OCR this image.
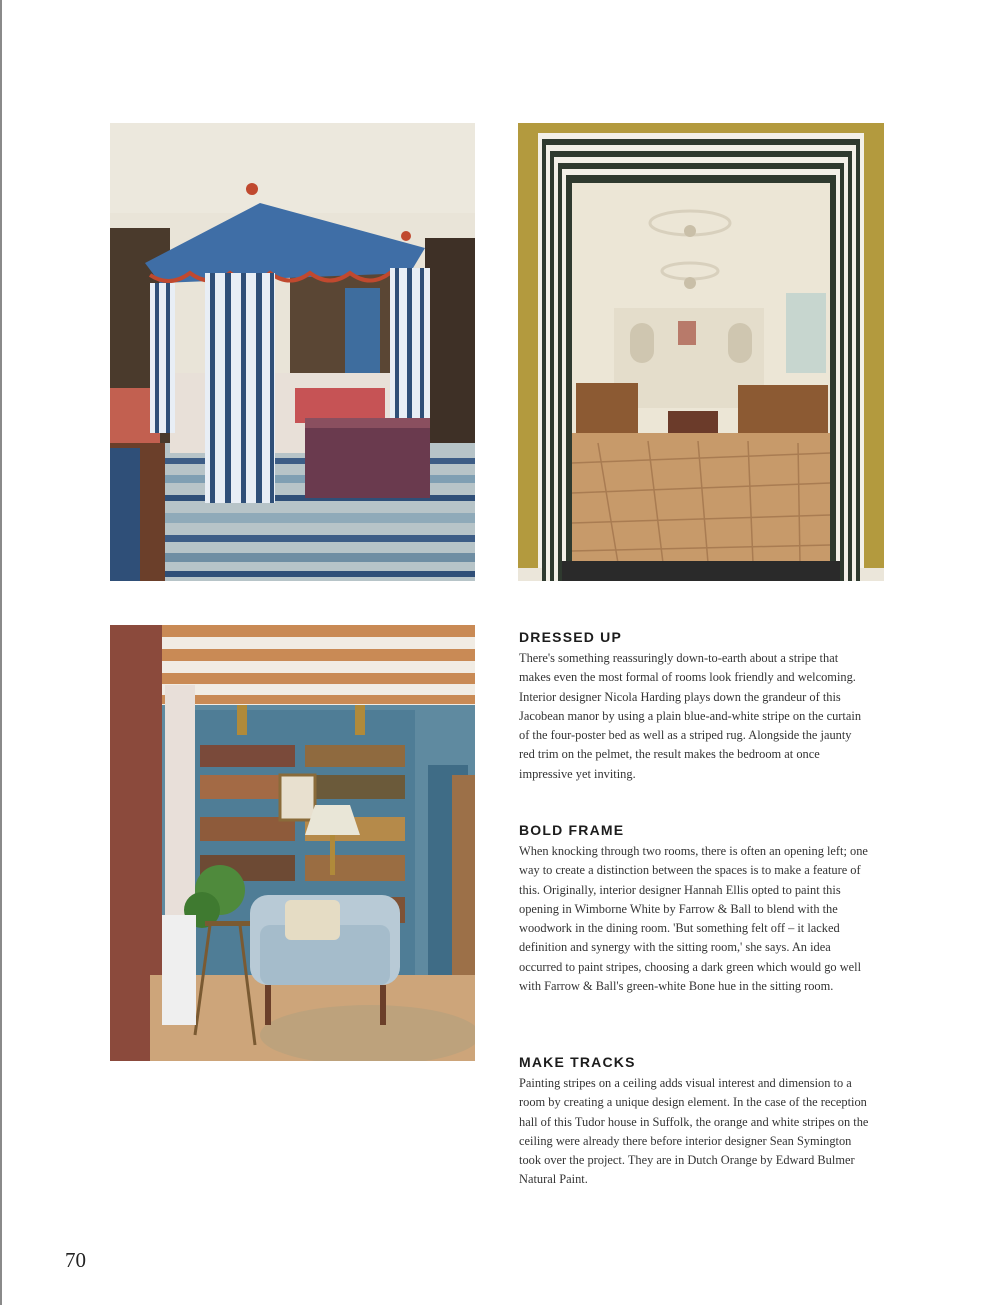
DRESSED UP

There's something reassuringly down-to-earth about a stripe that makes even the most formal of rooms look friendly and welcoming. Interior designer Nicola Harding plays down the grandeur of this Jacobean manor by using a plain blue-and-white stripe on the curtain of the four-poster bed as well as a striped rug. Alongside the jaunty red trim on the pelmet, the result makes the bedroom at once impressive yet inviting.

BOLD FRAME

When knocking through two rooms, there is often an opening left; one way to create a distinction between the spaces is to make a feature of this. Originally, interior designer Hannah Ellis opted to paint this opening in Wimborne White by Farrow & Ball to blend with the woodwork in the dining room. 'But something felt off – it lacked definition and synergy with the sitting room,' she says. An idea occurred to paint stripes, choosing a dark green which would go well with Farrow & Ball's green-white Bone hue in the sitting room.

MAKE TRACKS

Painting stripes on a ceiling adds visual interest and dimension to a room by creating a unique design element. In the case of the reception hall of this Tudor house in Suffolk, the orange and white stripes on the ceiling were already there before interior designer Sean Symington took over the project. They are in Dutch Orange by Edward Bulmer Natural Paint.

70
